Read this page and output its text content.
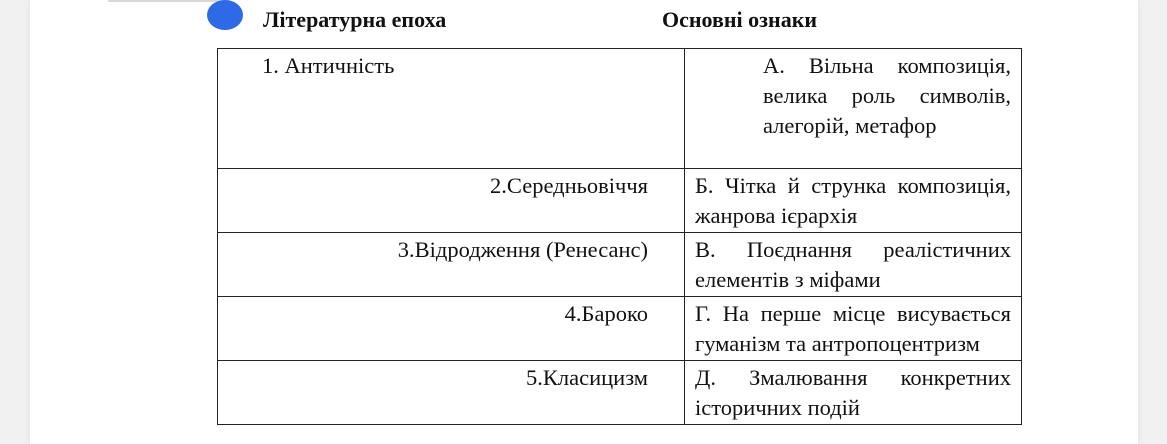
Літературна епоха	Основні ознаки
1. Античність	А. Вільна композиція, велика роль символів, алегорій, метафор
2.Середньовіччя	Б. Чітка й струнка композиція, жанрова ієрархія
3.Відродження (Ренесанс)	В. Поєднання реалістичних елементів з міфами
4.Бароко	Г. На перше місце висувається гуманізм та антропоцентризм
5.Класицизм	Д. Змалювання конкретних історичних подій
